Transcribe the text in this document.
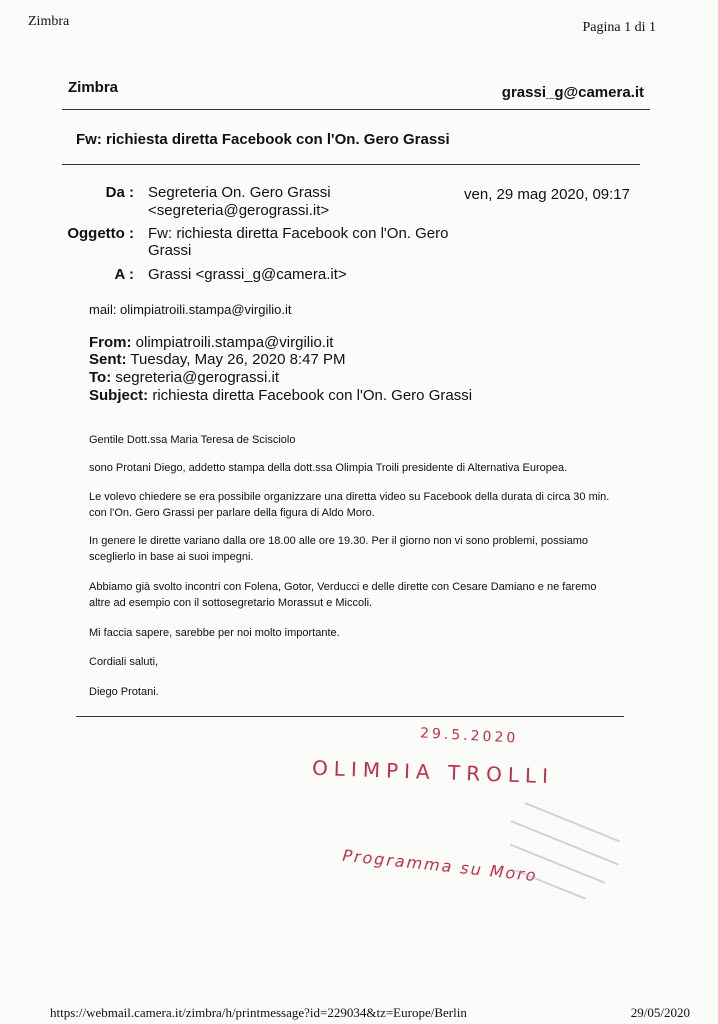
Zimbra	Pagina 1 di 1
Zimbra	grassi_g@camera.it
Fw: richiesta diretta Facebook con l'On. Gero Grassi
Da : Segreteria On. Gero Grassi
<segreteria@gerograssi.it>
ven, 29 mag 2020, 09:17
Oggetto : Fw: richiesta diretta Facebook con l'On. Gero
Grassi
A : Grassi <grassi_g@camera.it>
mail: olimpiatroili.stampa@virgilio.it
From: olimpiatroili.stampa@virgilio.it
Sent: Tuesday, May 26, 2020 8:47 PM
To: segreteria@gerograssi.it
Subject: richiesta diretta Facebook con l'On. Gero Grassi
Gentile Dott.ssa Maria Teresa de Scisciolo
sono Protani Diego, addetto stampa della dott.ssa Olimpia Troili presidente di Alternativa Europea.
Le volevo chiedere se era possibile organizzare una diretta video su Facebook della durata di circa 30 min.
con l'On. Gero Grassi per parlare della figura di Aldo Moro.
In genere le dirette variano dalla ore 18.00 alle ore 19.30. Per il giorno non vi sono problemi, possiamo
sceglierlo in base ai suoi impegni.
Abbiamo già svolto incontri con Folena, Gotor, Verducci e delle dirette con Cesare Damiano e ne faremo
altre ad esempio con il sottosegretario Morassut e Miccoli.
Mi faccia sapere, sarebbe per noi molto importante.
Cordiali saluti,
Diego Protani.
29.5.2020
OLIMPIA TROLLI
Programma su Moro
https://webmail.camera.it/zimbra/h/printmessage?id=229034&tz=Europe/Berlin	29/05/2020
